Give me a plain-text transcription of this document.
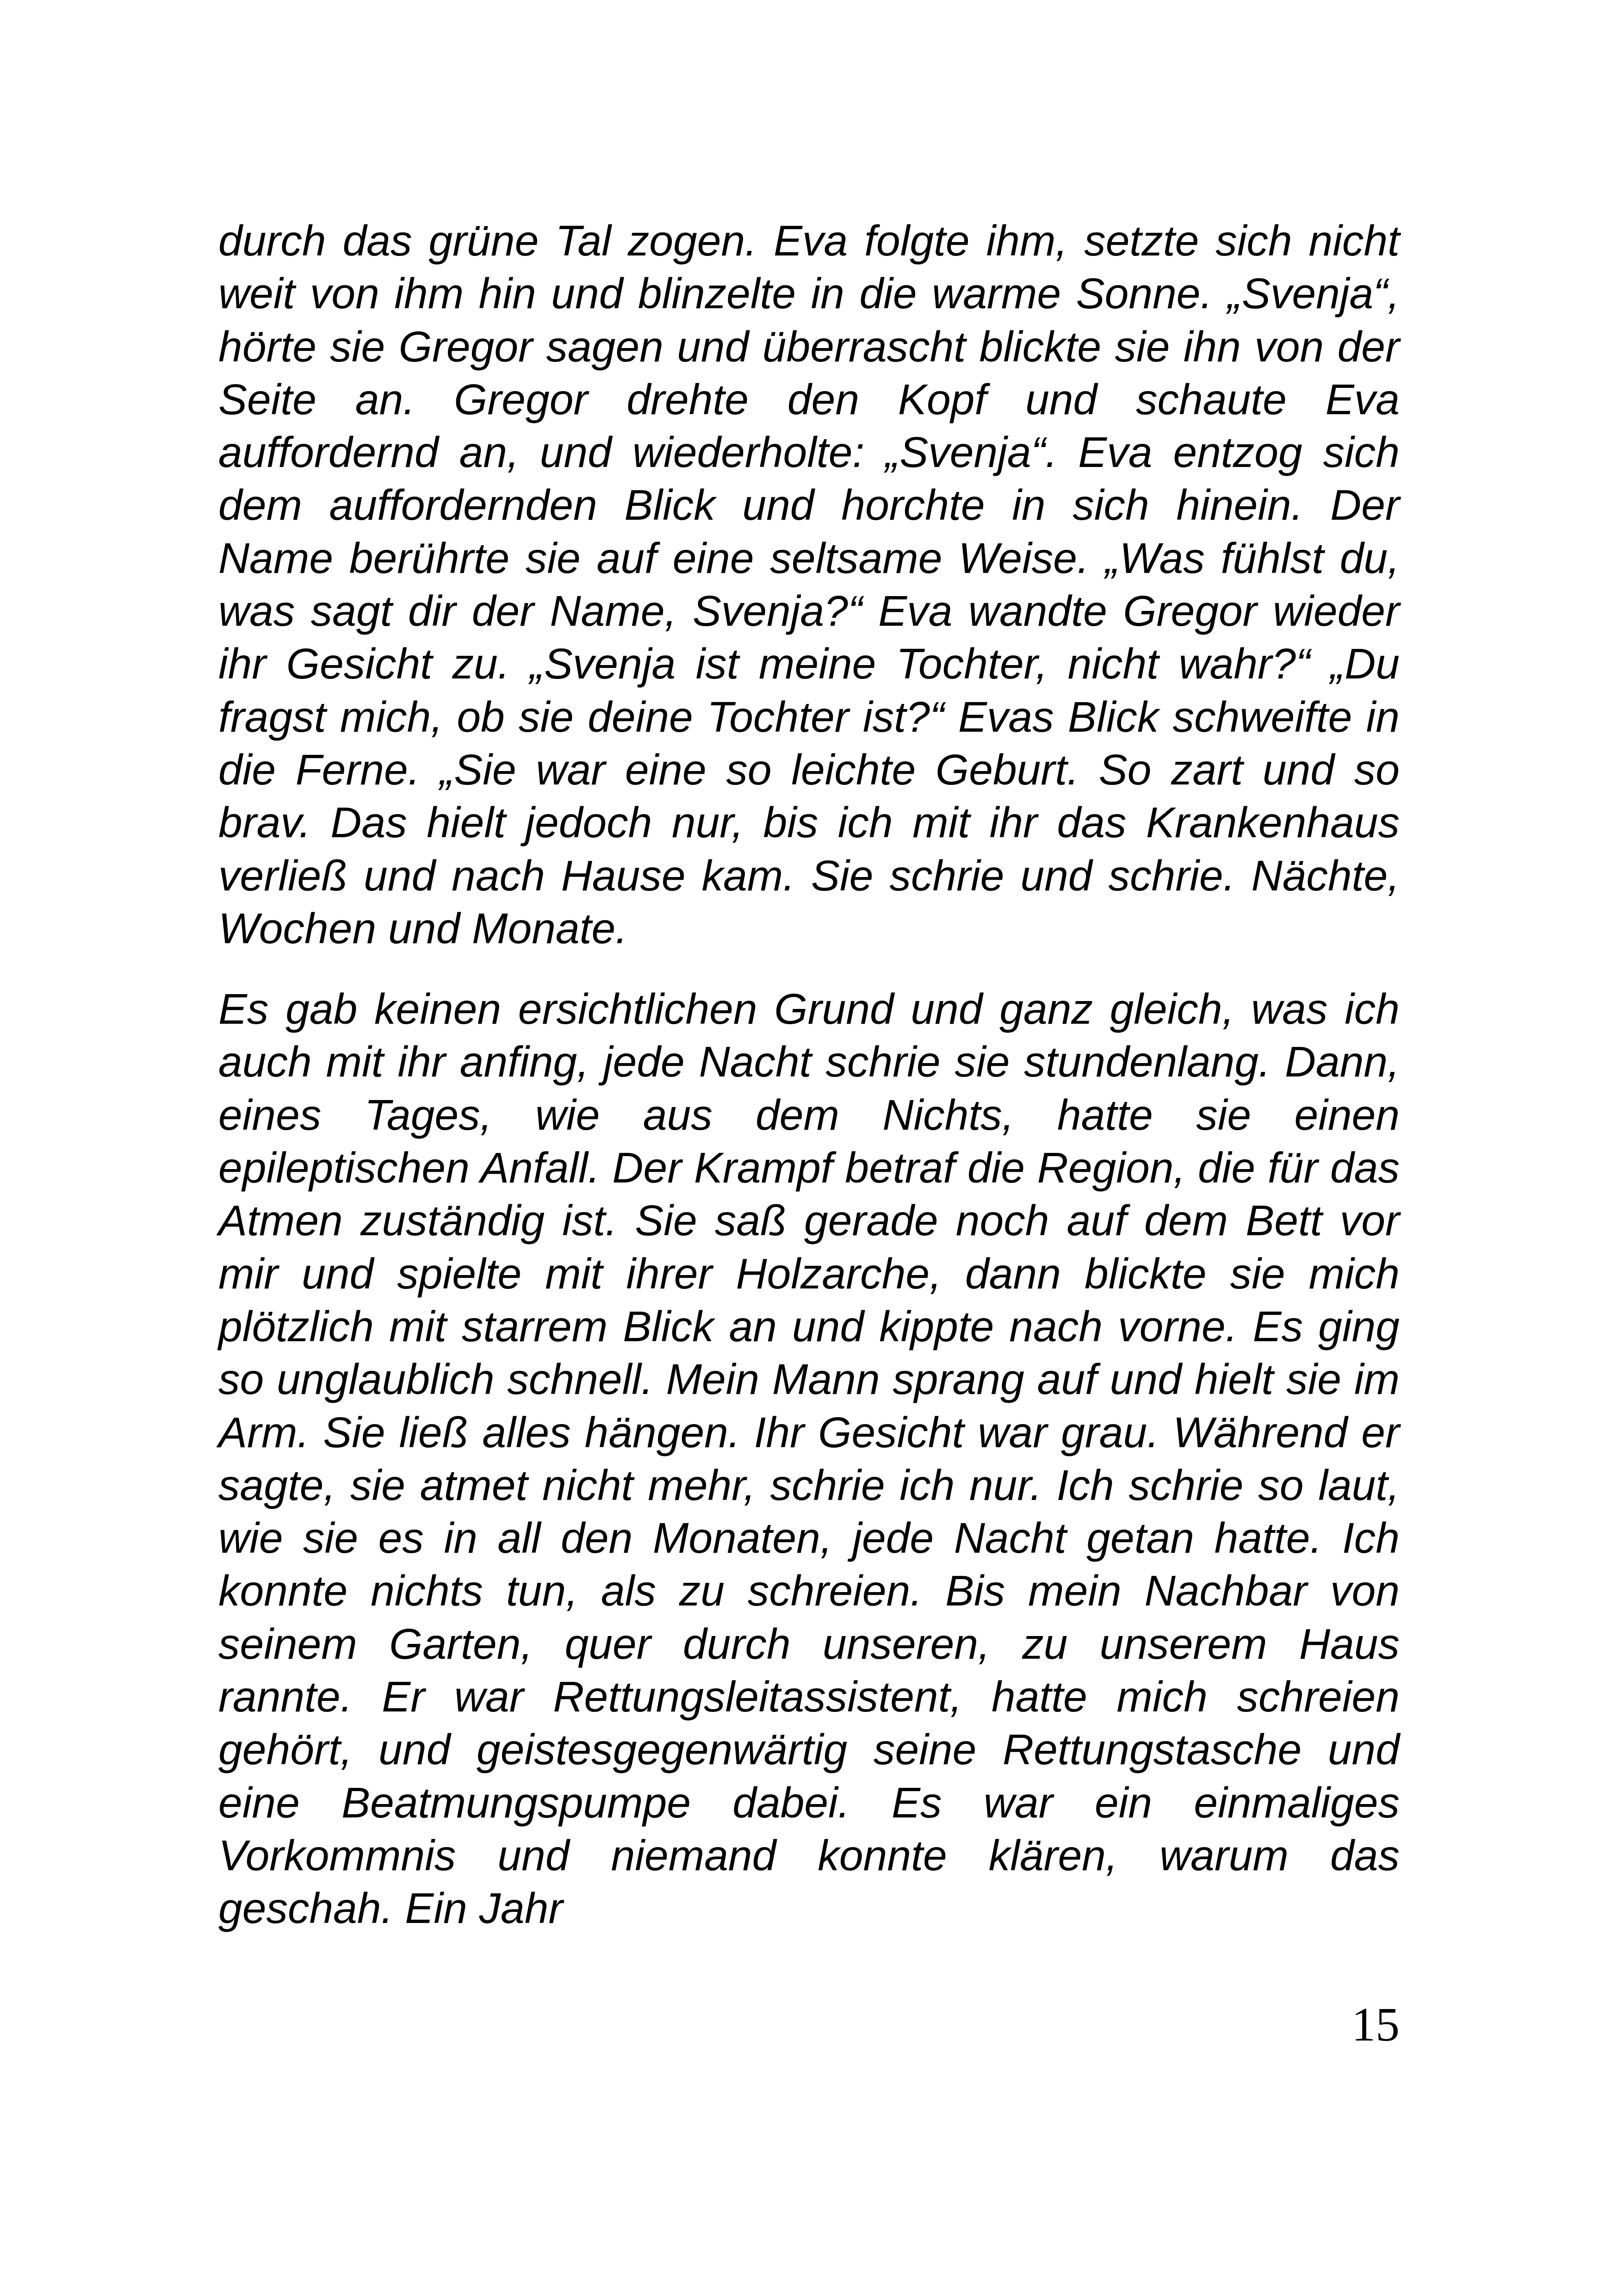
durch das grüne Tal zogen. Eva folgte ihm, setzte sich nicht weit von ihm hin und blinzelte in die warme Sonne. „Svenja“, hörte sie Gregor sagen und überrascht blickte sie ihn von der Seite an. Gregor drehte den Kopf und schaute Eva auffordernd an, und wiederholte: „Svenja“. Eva entzog sich dem auffordernden Blick und horchte in sich hinein. Der Name berührte sie auf eine seltsame Weise. „Was fühlst du, was sagt dir der Name, Svenja?“ Eva wandte Gregor wieder ihr Gesicht zu. „Svenja ist meine Tochter, nicht wahr?“ „Du fragst mich, ob sie deine Tochter ist?“ Evas Blick schweifte in die Ferne. „Sie war eine so leichte Geburt. So zart und so brav. Das hielt jedoch nur, bis ich mit ihr das Krankenhaus verließ und nach Hause kam. Sie schrie und schrie. Nächte, Wochen und Monate.

Es gab keinen ersichtlichen Grund und ganz gleich, was ich auch mit ihr anfing, jede Nacht schrie sie stundenlang. Dann, eines Tages, wie aus dem Nichts, hatte sie einen epileptischen Anfall. Der Krampf betraf die Region, die für das Atmen zuständig ist. Sie saß gerade noch auf dem Bett vor mir und spielte mit ihrer Holzarche, dann blickte sie mich plötzlich mit starrem Blick an und kippte nach vorne. Es ging so unglaublich schnell. Mein Mann sprang auf und hielt sie im Arm. Sie ließ alles hängen. Ihr Gesicht war grau. Während er sagte, sie atmet nicht mehr, schrie ich nur. Ich schrie so laut, wie sie es in all den Monaten, jede Nacht getan hatte. Ich konnte nichts tun, als zu schreien. Bis mein Nachbar von seinem Garten, quer durch unseren, zu unserem Haus rannte. Er war Rettungsleitassistent, hatte mich schreien gehört, und geistesgegenwärtig seine Rettungstasche und eine Beatmungspumpe dabei. Es war ein einmaliges Vorkommnis und niemand konnte klären, warum das geschah. Ein Jahr

15
